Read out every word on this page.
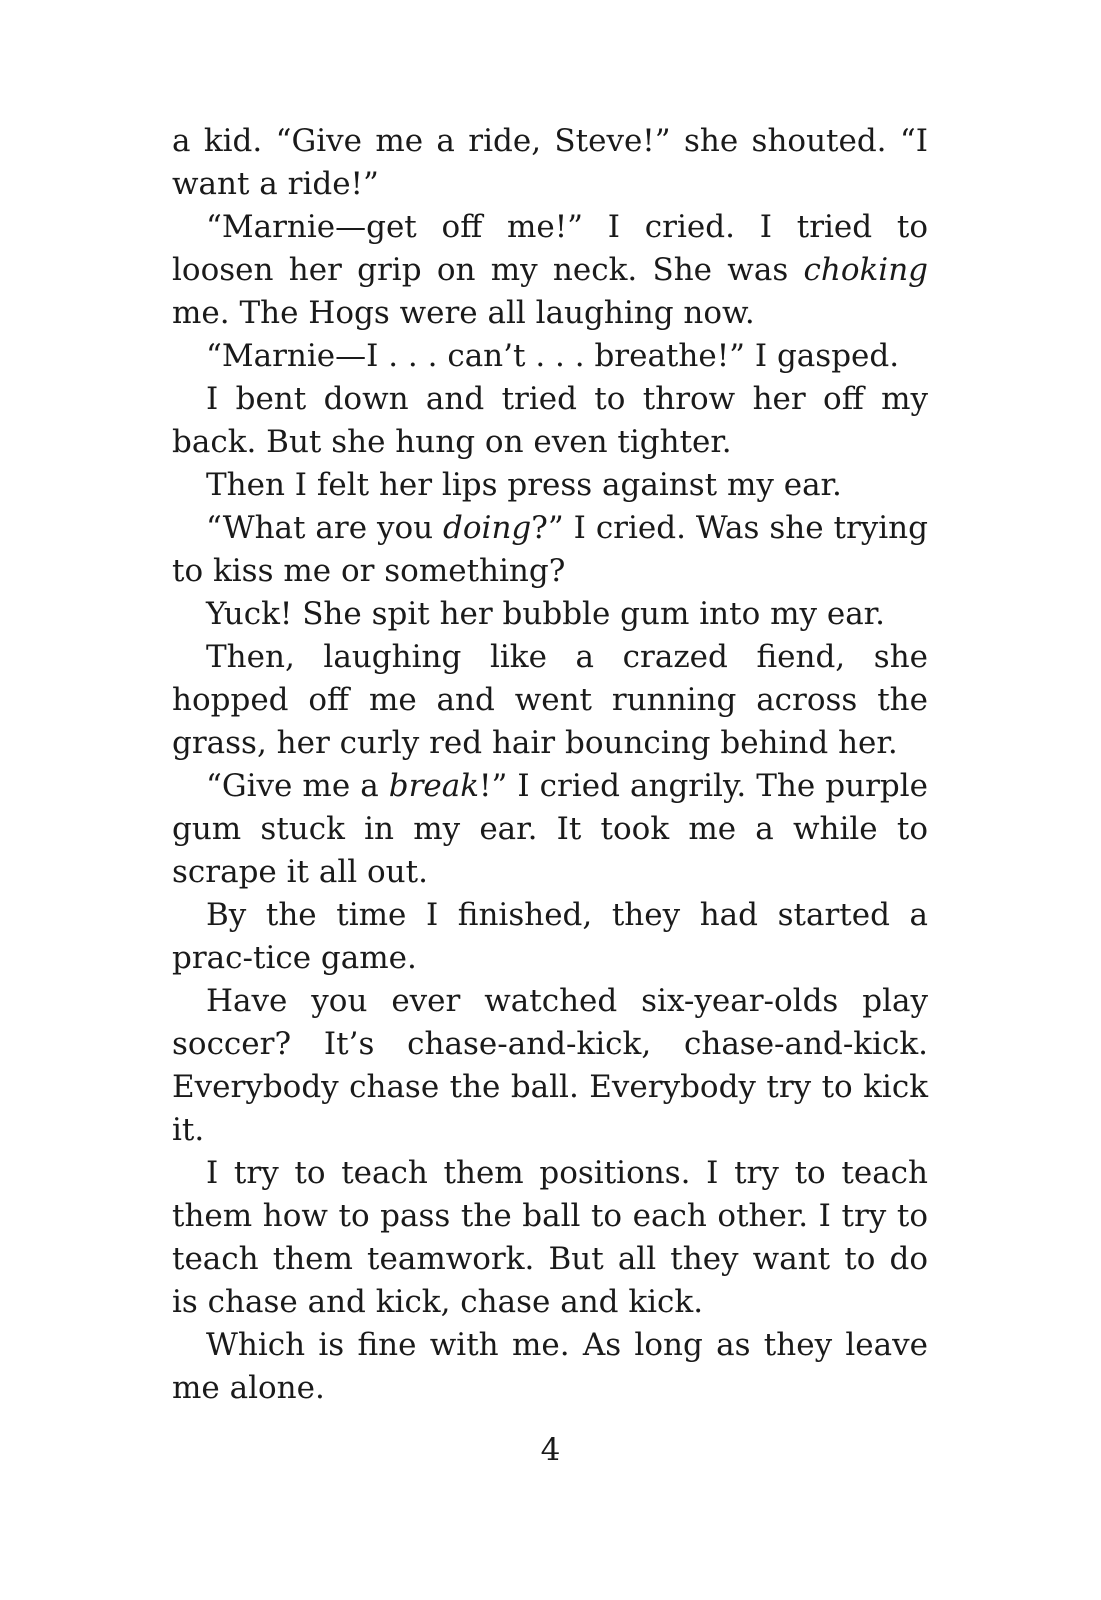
a kid. “Give me a ride, Steve!” she shouted. “I want a ride!”

“Marnie—get off me!” I cried. I tried to loosen her grip on my neck. She was choking me. The Hogs were all laughing now.

“Marnie—I . . . can’t . . . breathe!” I gasped.

I bent down and tried to throw her off my back. But she hung on even tighter.

Then I felt her lips press against my ear.

“What are you doing?” I cried. Was she trying to kiss me or something?

Yuck! She spit her bubble gum into my ear.

Then, laughing like a crazed fiend, she hopped off me and went running across the grass, her curly red hair bouncing behind her.

“Give me a break!” I cried angrily. The purple gum stuck in my ear. It took me a while to scrape it all out.

By the time I finished, they had started a prac-tice game.

Have you ever watched six-year-olds play soccer? It’s chase-and-kick, chase-and-kick. Everybody chase the ball. Everybody try to kick it.

I try to teach them positions. I try to teach them how to pass the ball to each other. I try to teach them teamwork. But all they want to do is chase and kick, chase and kick.

Which is fine with me. As long as they leave me alone.

4
